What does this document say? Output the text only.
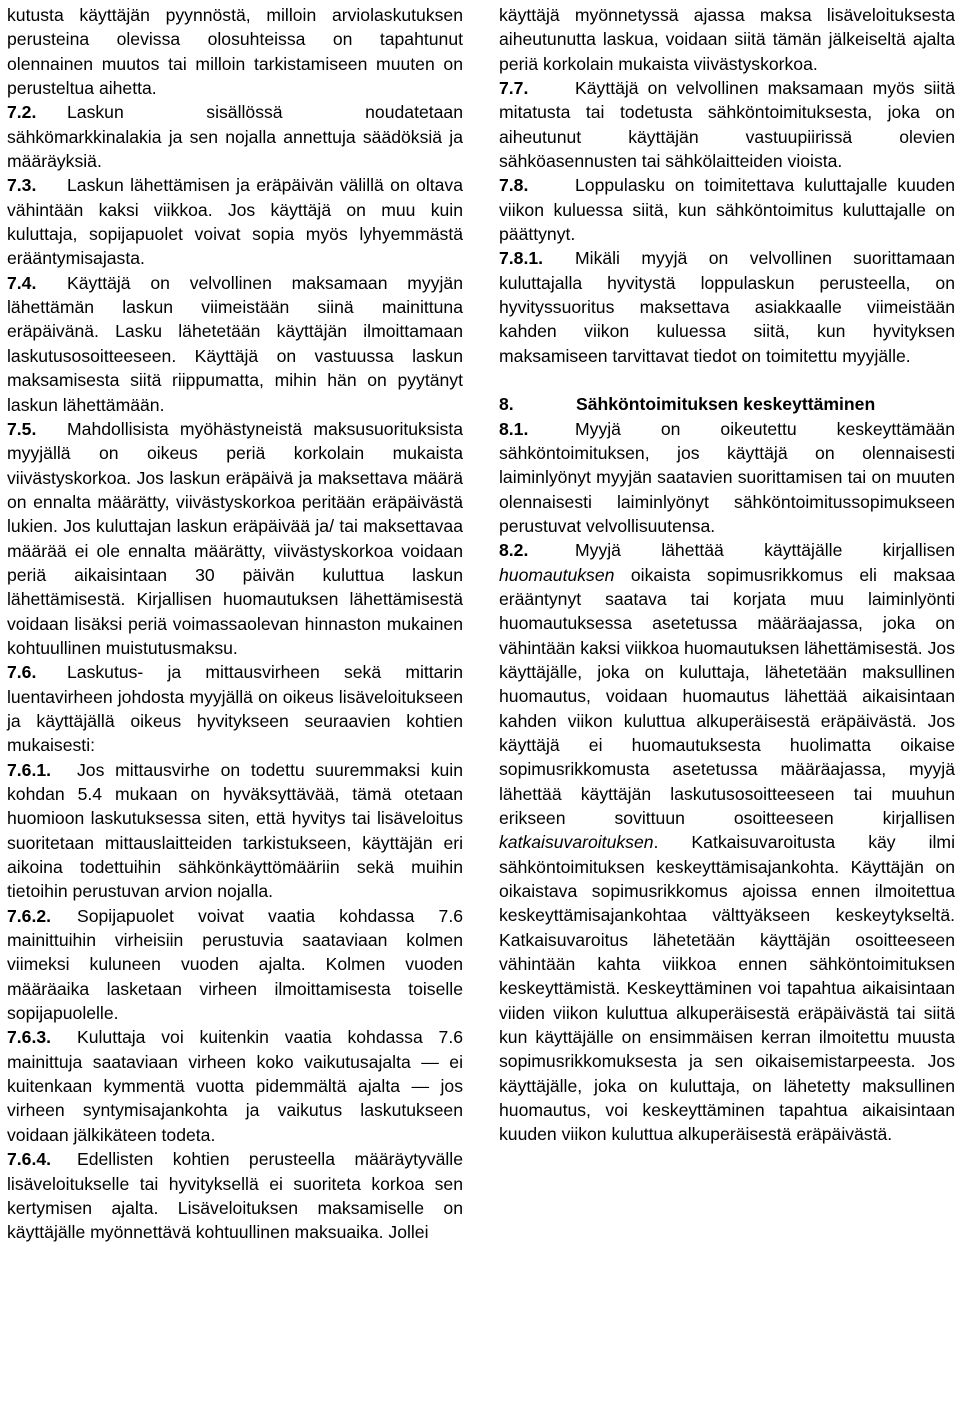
kutusta käyttäjän pyynnöstä, milloin arviolaskutuksen perusteina olevissa olosuhteissa on tapahtunut olennainen muutos tai milloin tarkistamiseen muuten on perusteltua aihetta.

7.2. Laskun sisällössä noudatetaan sähkömarkkinalakia ja sen nojalla annettuja säädöksiä ja määräyksiä.

7.3. Laskun lähettämisen ja eräpäivän välillä on oltava vähintään kaksi viikkoa. Jos käyttäjä on muu kuin kuluttaja, sopijapuolet voivat sopia myös lyhyemmästä erääntymisajasta.

7.4. Käyttäjä on velvollinen maksamaan myyjän lähettämän laskun viimeistään siinä mainittuna eräpäivänä. Lasku lähetetään käyttäjän ilmoittamaan laskutusosoitteeseen. Käyttäjä on vastuussa laskun maksamisesta siitä riippumatta, mihin hän on pyytänyt laskun lähettämään.

7.5. Mahdollisista myöhästyneistä maksusuorituksista myyjällä on oikeus periä korkolain mukaista viivästyskorkoa. Jos laskun eräpäivä ja maksettava määrä on ennalta määrätty, viivästyskorkoa peritään eräpäivästä lukien. Jos kuluttajan laskun eräpäivää ja/ tai maksettavaa määrää ei ole ennalta määrätty, viivästyskorkoa voidaan periä aikaisintaan 30 päivän kuluttua laskun lähettämisestä. Kirjallisen huomautuksen lähettämisestä voidaan lisäksi periä voimassaolevan hinnaston mukainen kohtuullinen muistutusmaksu.

7.6. Laskutus- ja mittausvirheen sekä mittarin luentavirheen johdosta myyjällä on oikeus lisäveloitukseen ja käyttäjällä oikeus hyvitykseen seuraavien kohtien mukaisesti:

7.6.1. Jos mittausvirhe on todettu suuremmaksi kuin kohdan 5.4 mukaan on hyväksyttävää, tämä otetaan huomioon laskutuksessa siten, että hyvitys tai lisäveloitus suoritetaan mittauslaitteiden tarkistukseen, käyttäjän eri aikoina todettuihin sähkönkäyttömääriin sekä muihin tietoihin perustuvan arvion nojalla.

7.6.2. Sopijapuolet voivat vaatia kohdassa 7.6 mainittuihin virheisiin perustuvia saataviaan kolmen viimeksi kuluneen vuoden ajalta. Kolmen vuoden määräaika lasketaan virheen ilmoittamisesta toiselle sopijapuolelle.

7.6.3. Kuluttaja voi kuitenkin vaatia kohdassa 7.6 mainittuja saataviaan virheen koko vaikutusajalta — ei kuitenkaan kymmentä vuotta pidemmältä ajalta — jos virheen syntymisajankohta ja vaikutus laskutukseen voidaan jälkikäteen todeta.

7.6.4. Edellisten kohtien perusteella määräytyvälle lisäveloitukselle tai hyvityksellä ei suoriteta korkoa sen kertymisen ajalta. Lisäveloituksen maksamiselle on käyttäjälle myönnettävä kohtuullinen maksuaika. Jollei

käyttäjä myönnetyssä ajassa maksa lisäveloituksesta aiheutunutta laskua, voidaan siitä tämän jälkeiseltä ajalta periä korkolain mukaista viivästyskorkoa.

7.7.	Käyttäjä on velvollinen maksamaan myös siitä mitatusta tai todetusta sähköntoimituksesta, joka on aiheutunut käyttäjän vastuupiirissä olevien sähköasennusten tai sähkölaitteiden vioista.

7.8.	Loppulasku on toimitettava kuluttajalle kuuden viikon kuluessa siitä, kun sähköntoimitus kuluttajalle on päättynyt.

7.8.1. Mikäli myyjä on velvollinen suorittamaan kuluttajalla hyvitystä loppulaskun perusteella, on hyvityssuoritus maksettava asiakkaalle viimeistään kahden viikon kuluessa siitä, kun hyvityksen maksamiseen tarvittavat tiedot on toimitettu myyjälle.

8.	Sähköntoimituksen keskeyttäminen

8.1.	Myyjä on oikeutettu keskeyttämään sähköntoimituksen, jos käyttäjä on olennaisesti laiminlyönyt myyjän saatavien suorittamisen tai on muuten olennaisesti laiminlyönyt sähköntoimitussopimukseen perustuvat velvollisuutensa.

8.2.	Myyjä lähettää käyttäjälle kirjallisen huomautuksen oikaista sopimusrikkomus eli maksaa erääntynyt saatava tai korjata muu laiminlyönti huomautuksessa asetetussa määräajassa, joka on vähintään kaksi viikkoa huomautuksen lähettämisestä. Jos käyttäjälle, joka on kuluttaja, lähetetään maksullinen huomautus, voidaan huomautus lähettää aikaisintaan kahden viikon kuluttua alkuperäisestä eräpäivästä. Jos käyttäjä ei huomautuksesta huolimatta oikaise sopimusrikkomusta asetetussa määräajassa, myyjä lähettää käyttäjän laskutusosoitteeseen tai muuhun erikseen sovittuun osoitteeseen kirjallisen katkaisuvaroituksen. Katkaisuvaroitusta käy ilmi sähköntoimituksen keskeyttämisajankohta. Käyttäjän on oikaistava sopimusrikkomus ajoissa ennen ilmoitettua keskeyttämisajankohtaa välttyäkseen keskeytykseltä. Katkaisuvaroitus lähetetään käyttäjän osoitteeseen vähintään kahta viikkoa ennen sähköntoimituksen keskeyttämistä. Keskeyttäminen voi tapahtua aikaisintaan viiden viikon kuluttua alkuperäisestä eräpäivästä tai siitä kun käyttäjälle on ensimmäisen kerran ilmoitettu muusta sopimusrikkomuksesta ja sen oikaisemistarpeesta. Jos käyttäjälle, joka on kuluttaja, on lähetetty maksullinen huomautus, voi keskeyttäminen tapahtua aikaisintaan kuuden viikon kuluttua alkuperäisestä eräpäivästä.
